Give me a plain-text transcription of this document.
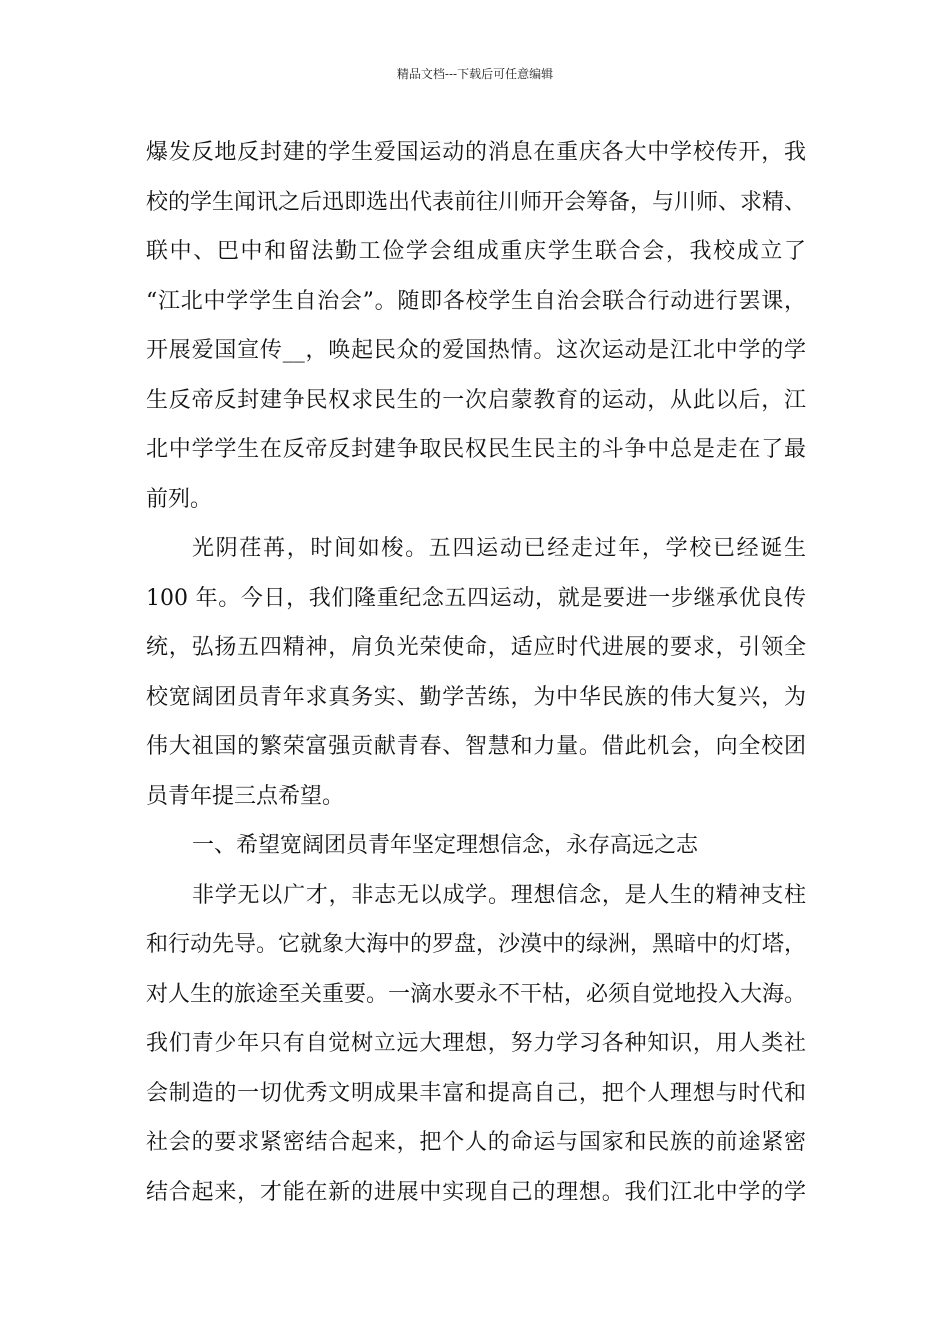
精品文档---下载后可任意编辑
爆发反地反封建的学生爱国运动的消息在重庆各大中学校传开，我
校的学生闻讯之后迅即选出代表前往川师开会筹备，与川师、求精、
联中、巴中和留法勤工俭学会组成重庆学生联合会，我校成立了
“江北中学学生自治会”。随即各校学生自治会联合行动进行罢课，
开展爱国宣传__，唤起民众的爱国热情。这次运动是江北中学的学
生反帝反封建争民权求民生的一次启蒙教育的运动，从此以后，江
北中学学生在反帝反封建争取民权民生民主的斗争中总是走在了最
前列。
光阴荏苒，时间如梭。五四运动已经走过年，学校已经诞生
100 年。今日，我们隆重纪念五四运动，就是要进一步继承优良传
统，弘扬五四精神，肩负光荣使命，适应时代进展的要求，引领全
校宽阔团员青年求真务实、勤学苦练，为中华民族的伟大复兴，为
伟大祖国的繁荣富强贡献青春、智慧和力量。借此机会，向全校团
员青年提三点希望。
一、希望宽阔团员青年坚定理想信念，永存高远之志
非学无以广才，非志无以成学。理想信念，是人生的精神支柱
和行动先导。它就象大海中的罗盘，沙漠中的绿洲，黑暗中的灯塔，
对人生的旅途至关重要。一滴水要永不干枯，必须自觉地投入大海。
我们青少年只有自觉树立远大理想，努力学习各种知识，用人类社
会制造的一切优秀文明成果丰富和提高自己，把个人理想与时代和
社会的要求紧密结合起来，把个人的命运与国家和民族的前途紧密
结合起来，才能在新的进展中实现自己的理想。我们江北中学的学
